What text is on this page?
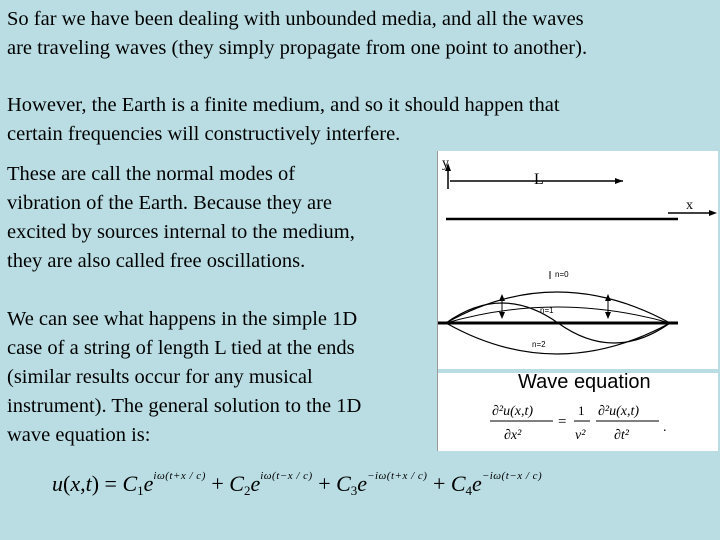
So far we have been dealing with unbounded media, and all the waves
are traveling waves (they simply propagate from one point to another).

However, the Earth is a finite medium, and so it should happen that
certain frequencies will constructively interfere.

These are call the normal modes of
vibration of the Earth. Because they are
excited by sources internal to the medium,
they are also called free oscillations.

We can see what happens in the simple 1D
case of a string of length L tied at the ends
(similar results occur for any musical
instrument). The general solution to the 1D
wave equation is:

y
L
x
n=0
n=1
n=2
Wave equation
∂²u(x,t)
∂x²
=
1
v²
∂²u(x,t)
∂t²
.
$u(x,t) = C_1e^{i\omega(t+x / c)} + C_2e^{i\omega(t-x / c)} + C_3e^{-i\omega(t+x / c)} + C_4e^{-i\omega(t-x / c)}$
